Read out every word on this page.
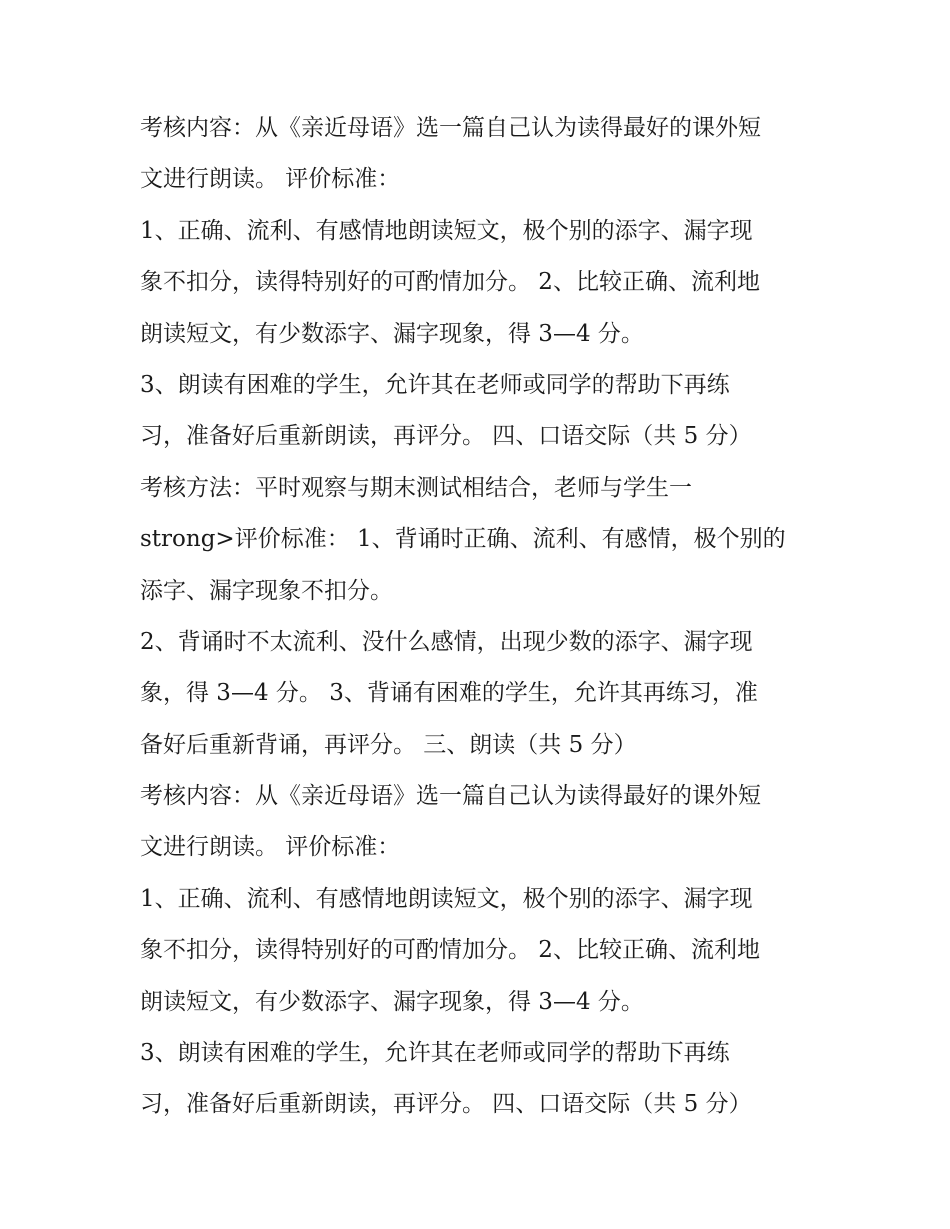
考核内容：从《亲近母语》选一篇自己认为读得最好的课外短
文进行朗读。 评价标准：
1、正确、流利、有感情地朗读短文，极个别的添字、漏字现
象不扣分，读得特别好的可酌情加分。 2、比较正确、流利地
朗读短文，有少数添字、漏字现象，得 3—4 分。
3、朗读有困难的学生，允许其在老师或同学的帮助下再练
习，准备好后重新朗读，再评分。 四、口语交际（共 5 分）
考核方法：平时观察与期末测试相结合，老师与学生一
strong>评价标准： 1、背诵时正确、流利、有感情，极个别的
添字、漏字现象不扣分。
2、背诵时不太流利、没什么感情，出现少数的添字、漏字现
象，得 3—4 分。 3、背诵有困难的学生，允许其再练习，准
备好后重新背诵，再评分。 三、朗读（共 5 分）
考核内容：从《亲近母语》选一篇自己认为读得最好的课外短
文进行朗读。 评价标准：
1、正确、流利、有感情地朗读短文，极个别的添字、漏字现
象不扣分，读得特别好的可酌情加分。 2、比较正确、流利地
朗读短文，有少数添字、漏字现象，得 3—4 分。
3、朗读有困难的学生，允许其在老师或同学的帮助下再练
习，准备好后重新朗读，再评分。 四、口语交际（共 5 分）
